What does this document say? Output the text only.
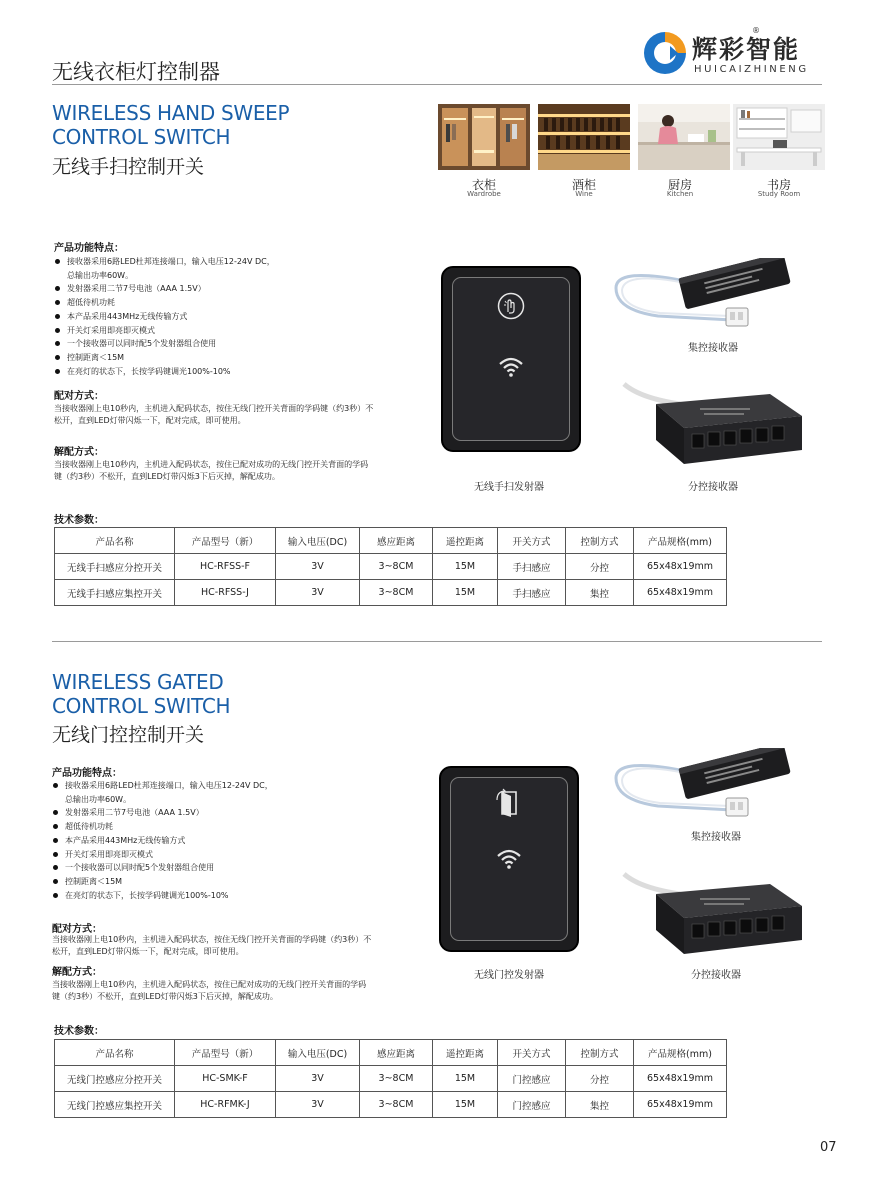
无线衣柜灯控制器
辉彩智能
®
HUICAIZHINENG
WIRELESS HAND SWEEP
CONTROL SWITCH
无线手扫控制开关
衣柜
Wardrobe
酒柜
Wine
厨房
Kitchen
书房
Study Room
产品功能特点：
接收器采用6路LED杜邦连接端口，输入电压12-24V DC，
总输出功率60W。
发射器采用二节7号电池（AAA 1.5V）
超低待机功耗
本产品采用443MHz无线传输方式
开关灯采用即亮即灭模式
一个接收器可以同时配5个发射器组合使用
控制距离＜15M
在亮灯的状态下，长按学码键调光100%-10%
配对方式：
当接收器刚上电10秒内，主机进入配码状态，按住无线门控开关背面的学码键（约3秒）不松开，直到LED灯带闪烁一下，配对完成，即可使用。
解配方式：
当接收器刚上电10秒内，主机进入配码状态，按住已配对成功的无线门控开关背面的学码键（约3秒）不松开，直到LED灯带闪烁3下后灭掉，解配成功。
无线手扫发射器
集控接收器
分控接收器
技术参数：
产品名称	产品型号（新）	输入电压(DC)	感应距离	遥控距离	开关方式	控制方式	产品规格(mm)
无线手扫感应分控开关	HC-RFSS-F	3V	3~8CM	15M	手扫感应	分控	65x48x19mm
无线手扫感应集控开关	HC-RFSS-J	3V	3~8CM	15M	手扫感应	集控	65x48x19mm
WIRELESS GATED
CONTROL SWITCH
无线门控控制开关
产品功能特点：
接收器采用6路LED杜邦连接端口，输入电压12-24V DC，
总输出功率60W。
发射器采用二节7号电池（AAA 1.5V）
超低待机功耗
本产品采用443MHz无线传输方式
开关灯采用即亮即灭模式
一个接收器可以同时配5个发射器组合使用
控制距离＜15M
在亮灯的状态下，长按学码键调光100%-10%
配对方式：
当接收器刚上电10秒内，主机进入配码状态，按住无线门控开关背面的学码键（约3秒）不松开，直到LED灯带闪烁一下，配对完成，即可使用。
解配方式：
当接收器刚上电10秒内，主机进入配码状态，按住已配对成功的无线门控开关背面的学码键（约3秒）不松开，直到LED灯带闪烁3下后灭掉，解配成功。
无线门控发射器
集控接收器
分控接收器
技术参数：
产品名称	产品型号（新）	输入电压(DC)	感应距离	遥控距离	开关方式	控制方式	产品规格(mm)
无线门控感应分控开关	HC-SMK-F	3V	3~8CM	15M	门控感应	分控	65x48x19mm
无线门控感应集控开关	HC-RFMK-J	3V	3~8CM	15M	门控感应	集控	65x48x19mm
07
